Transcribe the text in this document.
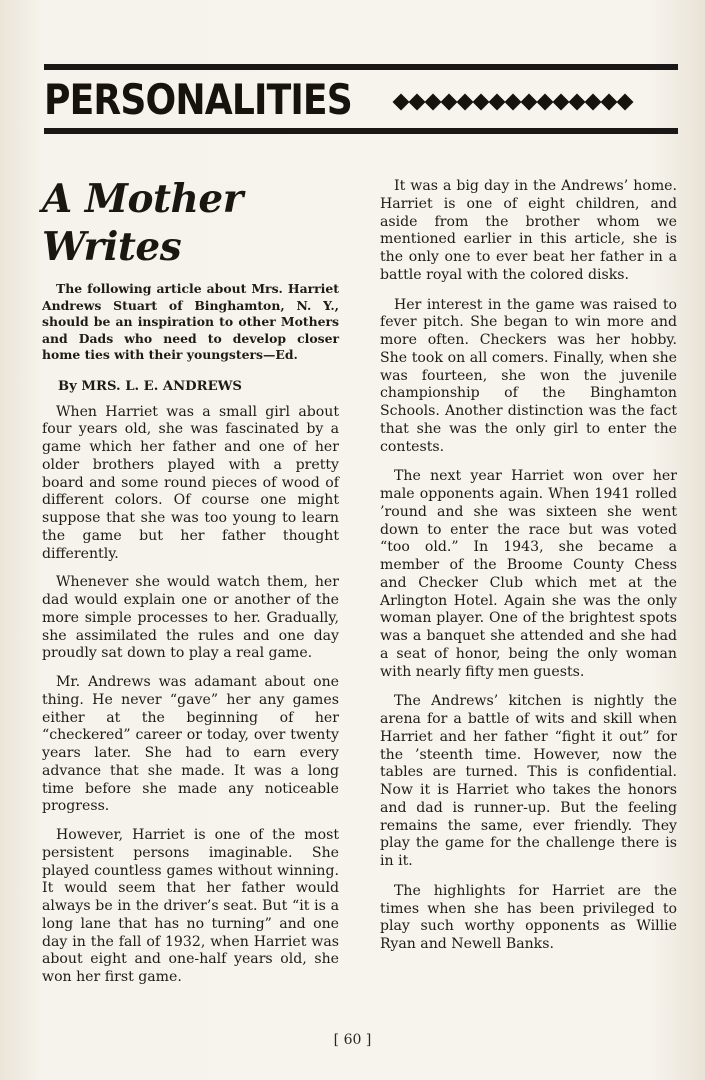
PERSONALITIES
A Mother Writes

The following article about Mrs. Harriet Andrews Stuart of Binghamton, N. Y., should be an inspiration to other Mothers and Dads who need to develop closer home ties with their youngsters—Ed.

By MRS. L. E. ANDREWS

When Harriet was a small girl about four years old, she was fascinated by a game which her father and one of her older brothers played with a pretty board and some round pieces of wood of different colors. Of course one might suppose that she was too young to learn the game but her father thought differently.

Whenever she would watch them, her dad would explain one or another of the more simple processes to her. Gradually, she assimilated the rules and one day proudly sat down to play a real game.

Mr. Andrews was adamant about one thing. He never “gave” her any games either at the beginning of her “checkered” career or today, over twenty years later. She had to earn every advance that she made. It was a long time before she made any noticeable progress.

However, Harriet is one of the most persistent persons imaginable. She played countless games without winning. It would seem that her father would always be in the driver’s seat. But “it is a long lane that has no turning” and one day in the fall of 1932, when Harriet was about eight and one-half years old, she won her first game.

It was a big day in the Andrews’ home. Harriet is one of eight children, and aside from the brother whom we mentioned earlier in this article, she is the only one to ever beat her father in a battle royal with the colored disks.

Her interest in the game was raised to fever pitch. She began to win more and more often. Checkers was her hobby. She took on all comers. Finally, when she was fourteen, she won the juvenile championship of the Binghamton Schools. Another distinction was the fact that she was the only girl to enter the contests.

The next year Harriet won over her male opponents again. When 1941 rolled ’round and she was sixteen she went down to enter the race but was voted “too old.” In 1943, she became a member of the Broome County Chess and Checker Club which met at the Arlington Hotel. Again she was the only woman player. One of the brightest spots was a banquet she attended and she had a seat of honor, being the only woman with nearly fifty men guests.

The Andrews’ kitchen is nightly the arena for a battle of wits and skill when Harriet and her father “fight it out” for the ’steenth time. However, now the tables are turned. This is confidential. Now it is Harriet who takes the honors and dad is runner-up. But the feeling remains the same, ever friendly. They play the game for the challenge there is in it.

The highlights for Harriet are the times when she has been privileged to play such worthy opponents as Willie Ryan and Newell Banks.

[ 60 ]
